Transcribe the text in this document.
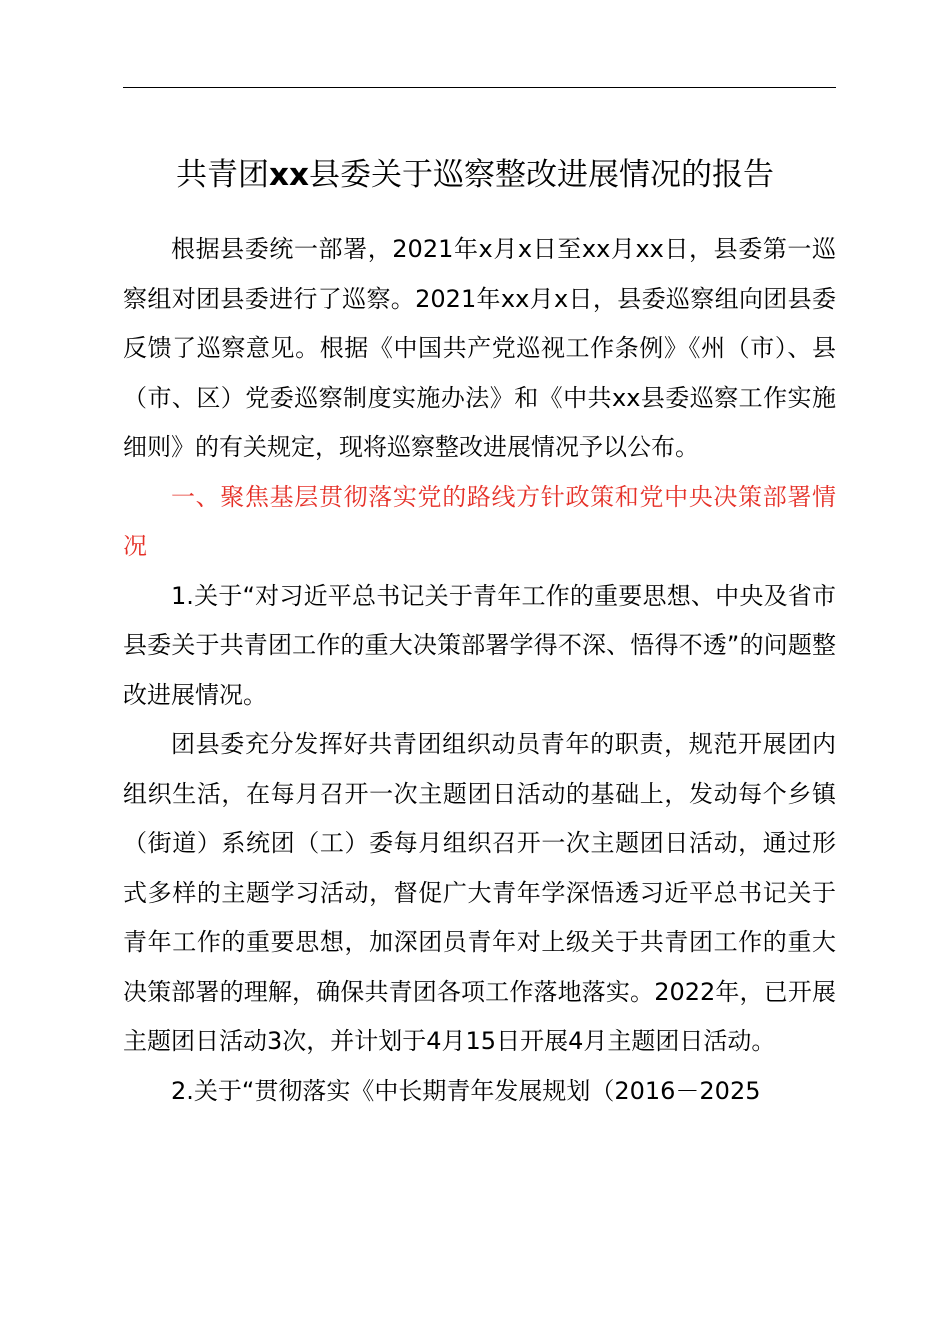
共青团xx县委关于巡察整改进展情况的报告

根据县委统一部署，2021年x月x日至xx月xx日，县委第一巡察组对团县委进行了巡察。2021年xx月x日，县委巡察组向团县委反馈了巡察意见。根据《中国共产党巡视工作条例》《州（市）、县（市、区）党委巡察制度实施办法》和《中共xx县委巡察工作实施细则》的有关规定，现将巡察整改进展情况予以公布。

一、聚焦基层贯彻落实党的路线方针政策和党中央决策部署情况

1.关于“对习近平总书记关于青年工作的重要思想、中央及省市县委关于共青团工作的重大决策部署学得不深、悟得不透”的问题整改进展情况。

团县委充分发挥好共青团组织动员青年的职责，规范开展团内组织生活，在每月召开一次主题团日活动的基础上，发动每个乡镇（街道）系统团（工）委每月组织召开一次主题团日活动，通过形式多样的主题学习活动，督促广大青年学深悟透习近平总书记关于青年工作的重要思想，加深团员青年对上级关于共青团工作的重大决策部署的理解，确保共青团各项工作落地落实。2022年，已开展主题团日活动3次，并计划于4月15日开展4月主题团日活动。

2.关于“贯彻落实《中长期青年发展规划（2016－2025
